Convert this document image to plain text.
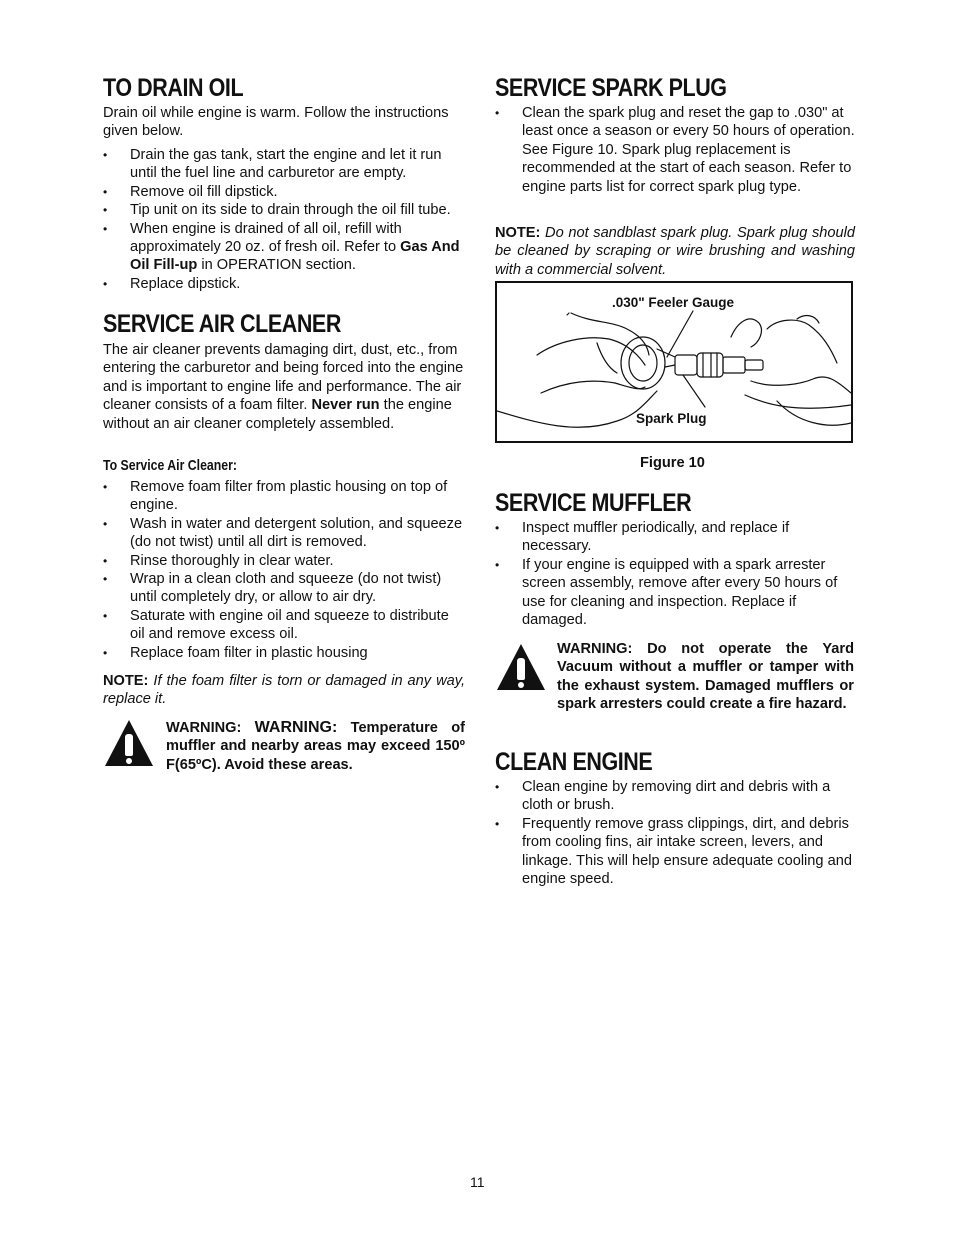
TO DRAIN OIL

Drain oil while engine is warm. Follow the instructions given below.

• Drain the gas tank, start the engine and let it run until the fuel line and carburetor are empty.
• Remove oil fill dipstick.
• Tip unit on its side to drain through the oil fill tube.
• When engine is drained of all oil, refill with approximately 20 oz. of fresh oil. Refer to Gas And Oil Fill-up in OPERATION section.
• Replace dipstick.
SERVICE AIR CLEANER

The air cleaner prevents damaging dirt, dust, etc., from entering the carburetor and being forced into the engine and is important to engine life and performance. The air cleaner consists of a foam filter. Never run the engine without an air cleaner completely assembled.

To Service Air Cleaner:

• Remove foam filter from plastic housing on top of engine.
• Wash in water and detergent solution, and squeeze (do not twist) until all dirt is removed.
• Rinse thoroughly in clear water.
• Wrap in a clean cloth and squeeze (do not twist) until completely dry, or allow to air dry.
• Saturate with engine oil and squeeze to distribute oil and remove excess oil.
• Replace foam filter in plastic housing

NOTE: If the foam filter is torn or damaged in any way, replace it.

WARNING: WARNING: Temperature of muffler and nearby areas may exceed 150º F(65ºC). Avoid these areas.

SERVICE SPARK PLUG
• Clean the spark plug and reset the gap to .030" at least once a season or every 50 hours of operation. See Figure 10. Spark plug replacement is recommended at the start of each season. Refer to engine parts list for correct spark plug type.

NOTE: Do not sandblast spark plug. Spark plug should be cleaned by scraping or wire brushing and washing with a commercial solvent.

.030" Feeler Gauge
Spark Plug
Figure 10
SERVICE MUFFLER
• Inspect muffler periodically, and replace if necessary.
• If your engine is equipped with a spark arrester screen assembly, remove after every 50 hours of use for cleaning and inspection. Replace if damaged.

WARNING: Do not operate the Yard Vacuum without a muffler or tamper with the exhaust system. Damaged mufflers or spark arresters could create a fire hazard.

CLEAN ENGINE
• Clean engine by removing dirt and debris with a cloth or brush.
• Frequently remove grass clippings, dirt, and debris from cooling fins, air intake screen, levers, and linkage. This will help ensure adequate cooling and engine speed.
11
